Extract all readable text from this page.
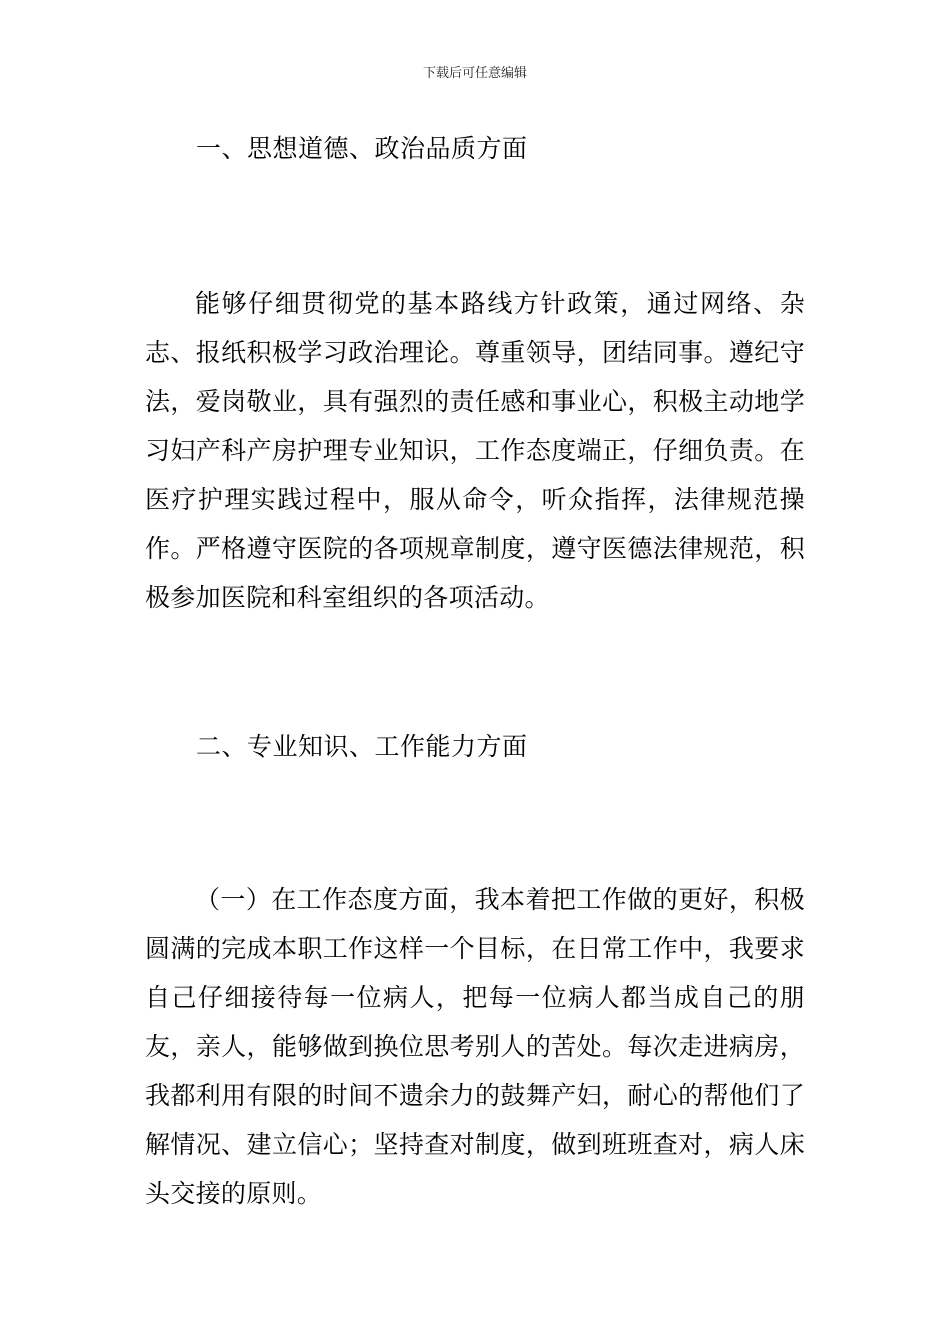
下载后可任意编辑
一、思想道德、政治品质方面
能够仔细贯彻党的基本路线方针政策，通过网络、杂志、报纸积极学习政治理论。尊重领导，团结同事。遵纪守法，爱岗敬业，具有强烈的责任感和事业心，积极主动地学习妇产科产房护理专业知识，工作态度端正，仔细负责。在医疗护理实践过程中，服从命令，听众指挥，法律规范操作。严格遵守医院的各项规章制度，遵守医德法律规范，积极参加医院和科室组织的各项活动。
二、专业知识、工作能力方面
（一）在工作态度方面，我本着把工作做的更好，积极圆满的完成本职工作这样一个目标，在日常工作中，我要求自己仔细接待每一位病人，把每一位病人都当成自己的朋友，亲人，能够做到换位思考别人的苦处。每次走进病房，我都利用有限的时间不遗余力的鼓舞产妇，耐心的帮他们了解情况、建立信心；坚持查对制度，做到班班查对，病人床头交接的原则。
